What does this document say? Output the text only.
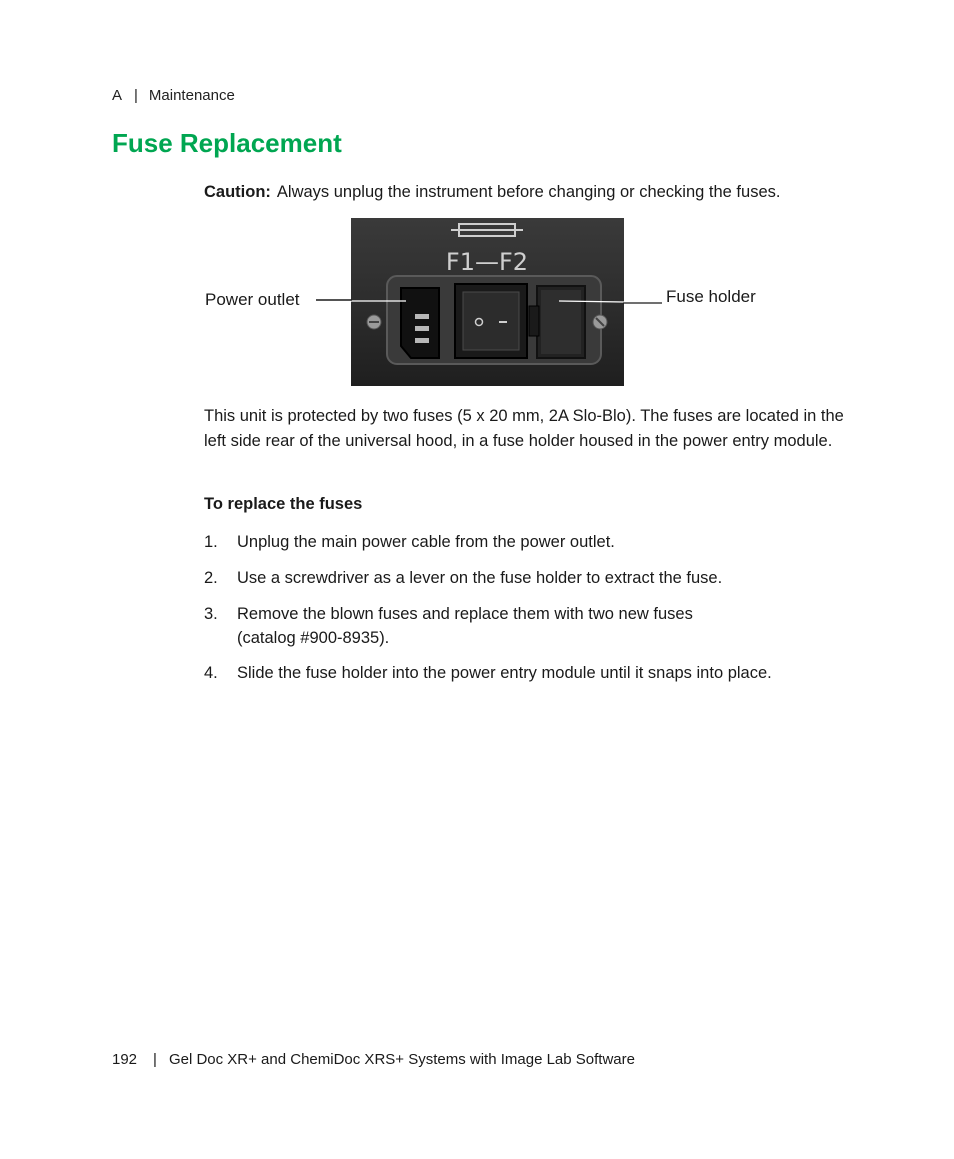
A | Maintenance
Fuse Replacement
Caution: Always unplug the instrument before changing or checking the fuses.
F1—F2
Power outlet	Fuse holder
This unit is protected by two fuses (5 x 20 mm, 2A Slo-Blo). The fuses are located in the left side rear of the universal hood, in a fuse holder housed in the power entry module.
To replace the fuses
1. Unplug the main power cable from the power outlet.
2. Use a screwdriver as a lever on the fuse holder to extract the fuse.
3. Remove the blown fuses and replace them with two new fuses
(catalog #900-8935).
4. Slide the fuse holder into the power entry module until it snaps into place.
192 | Gel Doc XR+ and ChemiDoc XRS+ Systems with Image Lab Software
